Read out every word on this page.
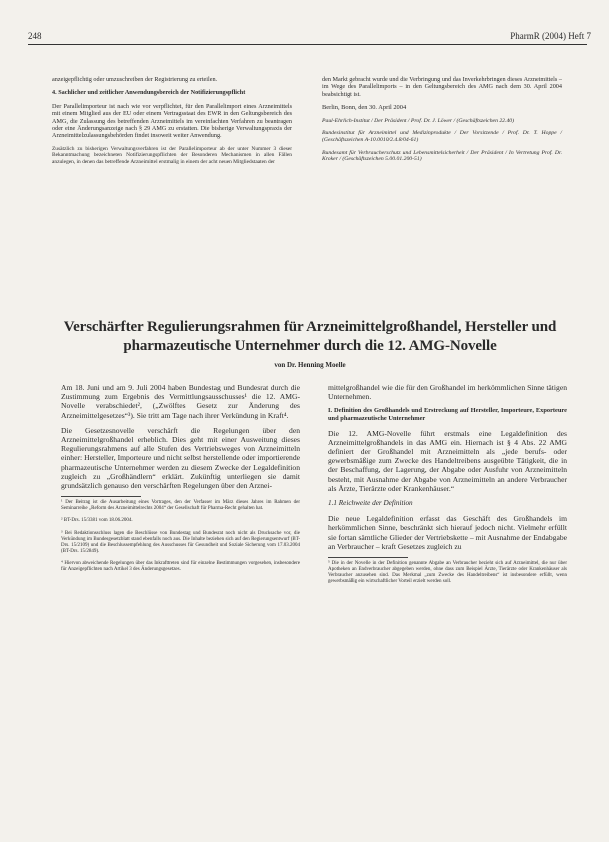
248	PharmR (2004) Heft 7

anzeigepflichtig oder umzuschreiben der Registrierung zu erteilen.

4. Sachlicher und zeitlicher Anwendungsbereich der Notifizierungspflicht

Der Parallelimporteur ist nach wie vor verpflichtet, für den Parallelimport eines Arzneimittels mit einem Mitglied aus der EU oder einem Vertragsstaat des EWR in den Geltungsbereich des AMG, die Zulassung des betreffenden Arzneimittels im vereinfachten Verfahren zu beantragen oder eine Änderungsanzeige nach § 29 AMG zu erstatten. Die bisherige Verwaltungspraxis der Arzneimittelzulassungsbehörden findet insoweit weiter Anwendung.

Zusätzlich zu bisherigen Verwaltungsverfahren ist der Parallelimporteur ab der unter Nummer 3 dieser Bekanntmachung bezeichneten Notifizierungspflichten der Besonderen Mechanismen in allen Fällen anzulegen, in denen das betreffende Arzneimittel erstmalig in einem der acht neuen Mitgliedstaaten der

den Markt gebracht wurde und die Verbringung und das Inverkehrbringen dieses Arzneimittels – im Wege des Parallelimports – in den Geltungsbereich des AMG nach dem 30. April 2004 beabsichtigt ist.

Berlin, Bonn, den 30. April 2004

Paul-Ehrlich-Institut / Der Präsident / Prof. Dr. J. Löwer / (Geschäftszeichen 22.40)

Bundesinstitut für Arzneimittel und Medizinprodukte / Der Vorsitzende / Prof. Dr. T. Hoppe / (Geschäftszeichen A-10.0010/2.4.8/04-61)

Bundesamt für Verbraucherschutz und Lebensmittelsicherheit / Der Präsident / In Vertretung Prof. Dr. Kroker / (Geschäftszeichen 5.00.01.200-51)

Verschärfter Regulierungsrahmen für Arzneimittelgroßhandel, Hersteller und pharmazeutische Unternehmer durch die 12. AMG-Novelle
von Dr. Henning Moelle

Am 18. Juni und am 9. Juli 2004 haben Bundestag und Bundesrat durch die Zustimmung zum Ergebnis des Vermittlungsausschusses¹ die 12. AMG-Novelle verabschiedet², („Zwölftes Gesetz zur Änderung des Arzneimittelgesetzes“³). Sie tritt am Tage nach ihrer Verkündung in Kraft⁴.

Die Gesetzesnovelle verschärft die Regelungen über den Arzneimittelgroßhandel erheblich. Dies geht mit einer Ausweitung dieses Regulierungsrahmens auf alle Stufen des Vertriebsweges von Arzneimitteln einher: Hersteller, Importeure und nicht selbst herstellende oder importierende pharmazeutische Unternehmer werden zu diesem Zwecke der Legaldefinition zugleich zu „Großhändlern“ erklärt. Zukünftig unterliegen sie damit grundsätzlich genauso den verschärften Regelungen über den Arznei-

¹ Der Beitrag ist die Ausarbeitung eines Vortrages, den der Verfasser im März dieses Jahres im Rahmen der Seminarreihe „Reform des Arzneimittelrechts 2004“ der Gesellschaft für Pharma-Recht gehalten hat.

² BT-Drs. 15/3381 vom 18.06.2004.

³ Bei Redaktionsschluss lagen die Beschlüsse von Bundestag und Bundesrat noch nicht als Drucksache vor, die Verkündung im Bundesgesetzblatt stand ebenfalls noch aus. Die Inhalte beziehen sich auf den Regierungsentwurf (BT-Drs. 15/2109) und die Beschlussempfehlung des Ausschusses für Gesundheit und Soziale Sicherung vom 17.03.2004 (BT-Drs. 15/2849).

⁴ Hiervon abweichende Regelungen über das Inkrafttreten sind für einzelne Bestimmungen vorgesehen, insbesondere für Anzeigepflichten nach Artikel 3 des Änderungsgesetzes.

mittelgroßhandel wie die für den Großhandel im herkömmlichen Sinne tätigen Unternehmen.

I. Definition des Großhandels und Erstreckung auf Hersteller, Importeure, Exporteure und pharmazeutische Unternehmer

Die 12. AMG-Novelle führt erstmals eine Legaldefinition des Arzneimittelgroßhandels in das AMG ein. Hiernach ist § 4 Abs. 22 AMG definiert der Großhandel mit Arzneimitteln als „jede berufs- oder gewerbsmäßige zum Zwecke des Handeltreibens ausgeübte Tätigkeit, die in der Beschaffung, der Lagerung, der Abgabe oder Ausfuhr von Arzneimitteln besteht, mit Ausnahme der Abgabe von Arzneimitteln an andere Verbraucher als Ärzte, Tierärzte oder Krankenhäuser.“

1.1 Reichweite der Definition

Die neue Legaldefinition erfasst das Geschäft des Großhandels im herkömmlichen Sinne, beschränkt sich hierauf jedoch nicht. Vielmehr erfüllt sie fortan sämtliche Glieder der Vertriebskette – mit Ausnahme der Endabgabe an Verbraucher – kraft Gesetzes zugleich zu

⁵ Die in der Novelle in der Definition genannte Abgabe an Verbraucher bezieht sich auf Arzneimittel, die nur über Apotheken an Endverbraucher abgegeben werden, ohne dass zum Beispiel Ärzte, Tierärzte oder Krankenhäuser als Verbraucher anzusehen sind. Das Merkmal „zum Zwecke des Handeltreibens“ ist insbesondere erfüllt, wenn gewerbsmäßig ein wirtschaftlicher Vorteil erzielt werden soll.
